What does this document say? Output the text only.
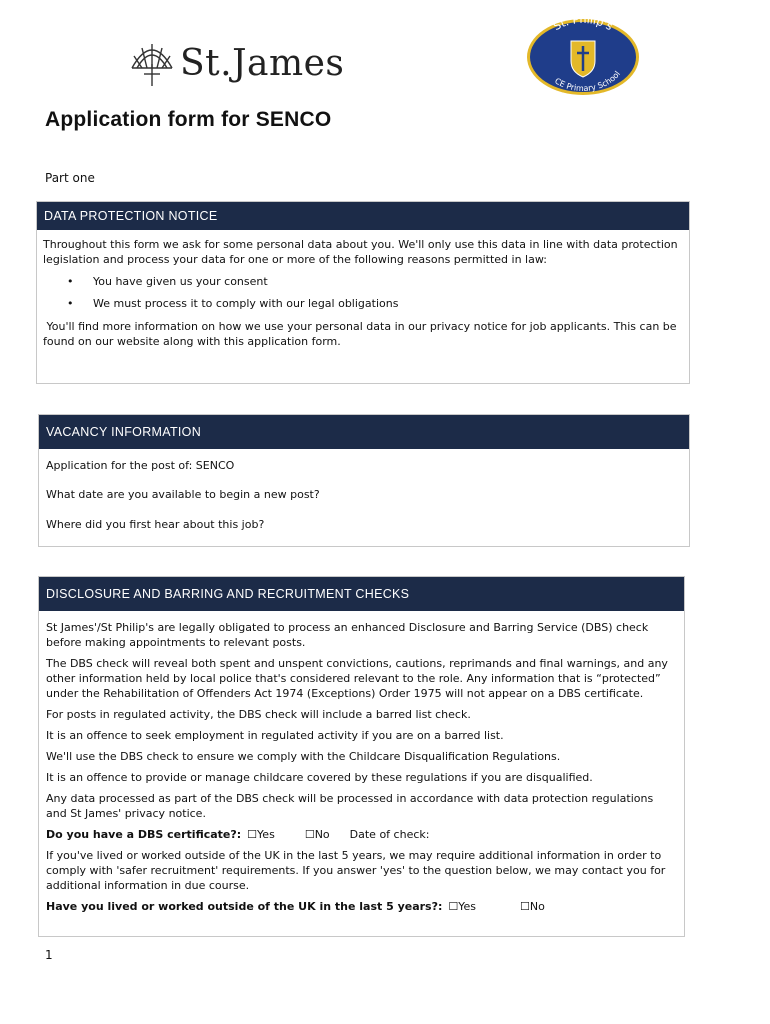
St.James
St. Philip's
CE Primary School
Application form for SENCO
Part one
DATA PROTECTION NOTICE
Throughout this form we ask for some personal data about you. We'll only use this data in line with data protection legislation and process your data for one or more of the following reasons permitted in law:
•	You have given us your consent
•	We must process it to comply with our legal obligations
You'll find more information on how we use your personal data in our privacy notice for job applicants. This can be found on our website along with this application form.
VACANCY INFORMATION
Application for the post of: SENCO
What date are you available to begin a new post?
Where did you first hear about this job?
DISCLOSURE AND BARRING AND RECRUITMENT CHECKS
St James'/St Philip's are legally obligated to process an enhanced Disclosure and Barring Service (DBS) check before making appointments to relevant posts.
The DBS check will reveal both spent and unspent convictions, cautions, reprimands and final warnings, and any other information held by local police that's considered relevant to the role. Any information that is “protected” under the Rehabilitation of Offenders Act 1974 (Exceptions) Order 1975 will not appear on a DBS certificate.
For posts in regulated activity, the DBS check will include a barred list check.
It is an offence to seek employment in regulated activity if you are on a barred list.
We'll use the DBS check to ensure we comply with the Childcare Disqualification Regulations.
It is an offence to provide or manage childcare covered by these regulations if you are disqualified.
Any data processed as part of the DBS check will be processed in accordance with data protection regulations and St James' privacy notice.
Do you have a DBS certificate?: ☐ Yes	☐ No Date of check:
If you've lived or worked outside of the UK in the last 5 years, we may require additional information in order to comply with 'safer recruitment' requirements. If you answer 'yes' to the question below, we may contact you for additional information in due course.
Have you lived or worked outside of the UK in the last 5 years?: ☐ Yes	☐ No
1
